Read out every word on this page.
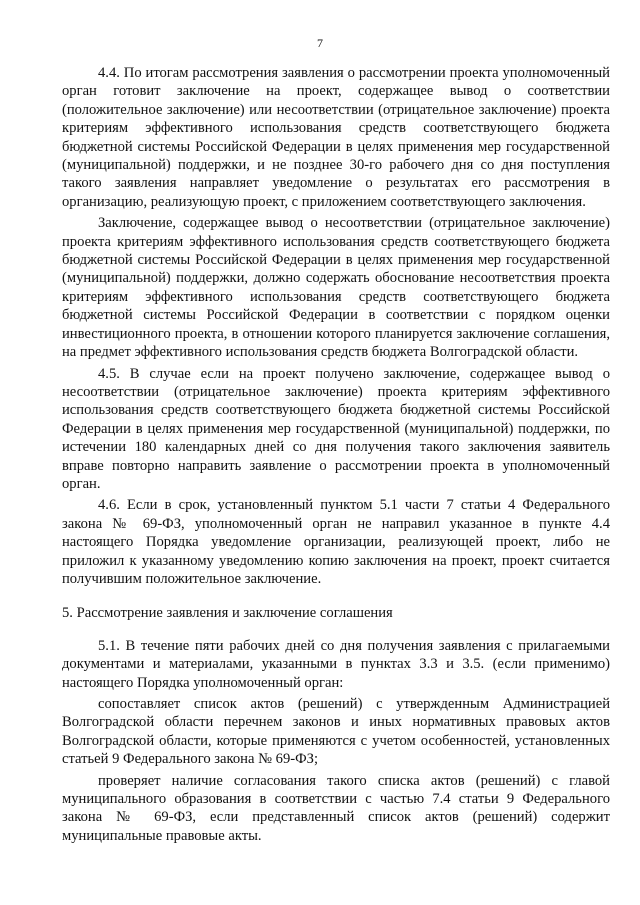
7

4.4. По итогам рассмотрения заявления о рассмотрении проекта уполномоченный орган готовит заключение на проект, содержащее вывод о соответствии (положительное заключение) или несоответствии (отрицательное заключение) проекта критериям эффективного использования средств соответствующего бюджета бюджетной системы Российской Федерации в целях применения мер государственной (муниципальной) поддержки, и не позднее 30-го рабочего дня со дня поступления такого заявления направляет уведомление о результатах его рассмотрения в организацию, реализующую проект, с приложением соответствующего заключения.

Заключение, содержащее вывод о несоответствии (отрицательное заключение) проекта критериям эффективного использования средств соответствующего бюджета бюджетной системы Российской Федерации в целях применения мер государственной (муниципальной) поддержки, должно содержать обоснование несоответствия проекта критериям эффективного использования средств соответствующего бюджета бюджетной системы Российской Федерации в соответствии с порядком оценки инвестиционного проекта, в отношении которого планируется заключение соглашения, на предмет эффективного использования средств бюджета Волгоградской области.

4.5. В случае если на проект получено заключение, содержащее вывод о несоответствии (отрицательное заключение) проекта критериям эффективного использования средств соответствующего бюджета бюджетной системы Российской Федерации в целях применения мер государственной (муниципальной) поддержки, по истечении 180 календарных дней со дня получения такого заключения заявитель вправе повторно направить заявление о рассмотрении проекта в уполномоченный орган.

4.6. Если в срок, установленный пунктом 5.1 части 7 статьи 4 Федерального закона № 69-ФЗ, уполномоченный орган не направил указанное в пункте 4.4 настоящего Порядка уведомление организации, реализующей проект, либо не приложил к указанному уведомлению копию заключения на проект, проект считается получившим положительное заключение.

5. Рассмотрение заявления и заключение соглашения

5.1. В течение пяти рабочих дней со дня получения заявления с прилагаемыми документами и материалами, указанными в пунктах 3.3 и 3.5. (если применимо) настоящего Порядка уполномоченный орган:

сопоставляет список актов (решений) с утвержденным Администрацией Волгоградской области перечнем законов и иных нормативных правовых актов Волгоградской области, которые применяются с учетом особенностей, установленных статьей 9 Федерального закона № 69-ФЗ;

проверяет наличие согласования такого списка актов (решений) с главой муниципального образования в соответствии с частью 7.4 статьи 9 Федерального закона № 69-ФЗ, если представленный список актов (решений) содержит муниципальные правовые акты.
